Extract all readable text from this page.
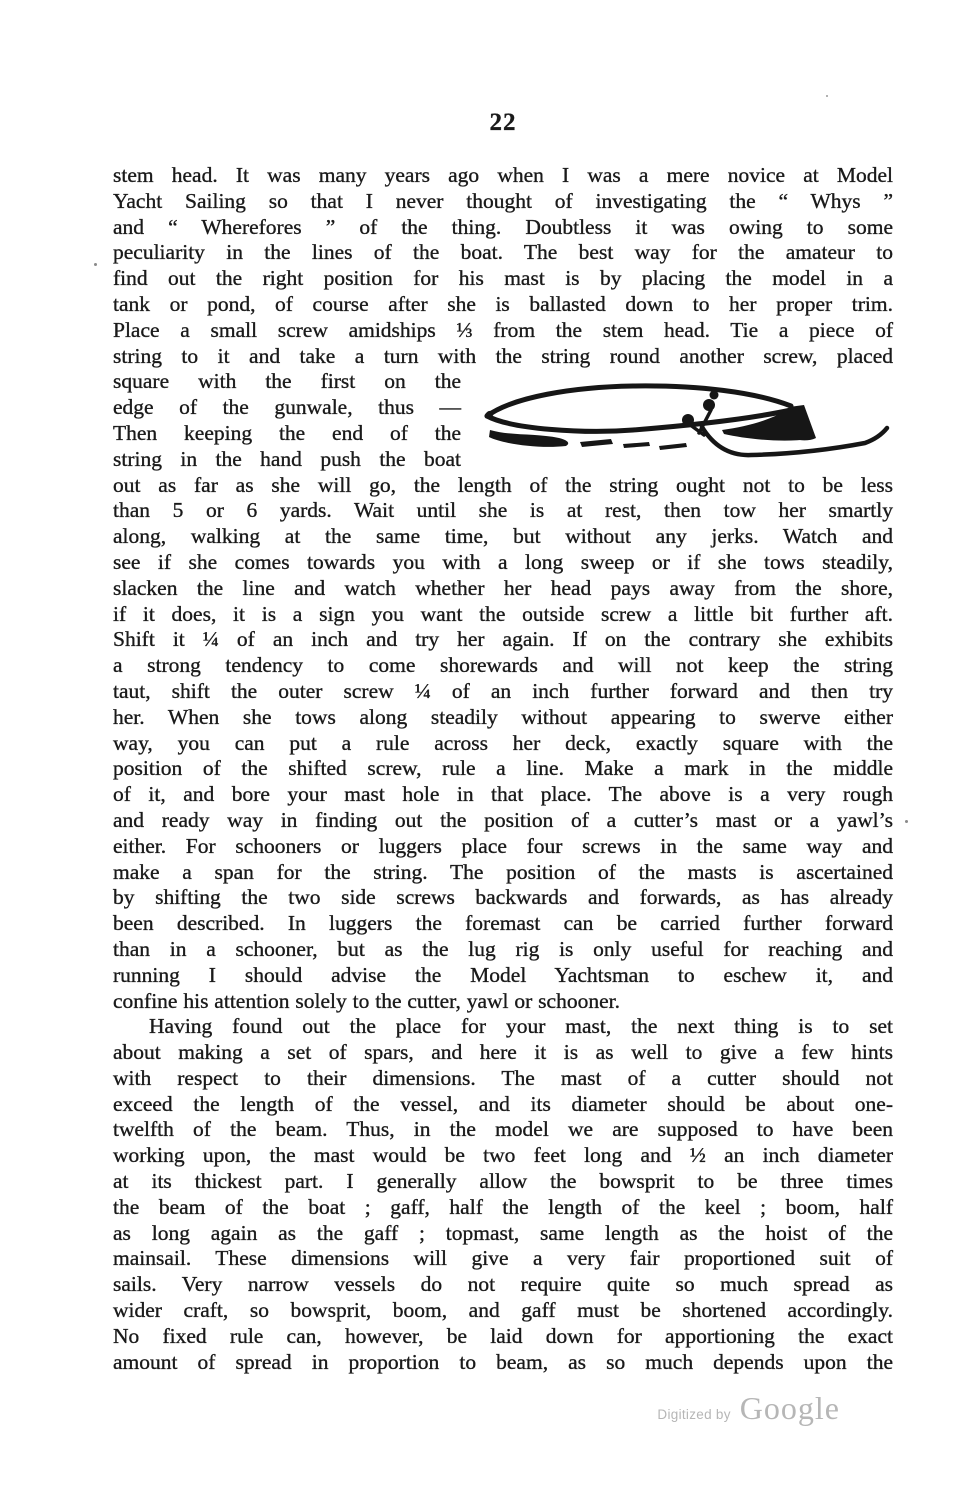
22
stem head. It was many years ago when I was a mere novice at Model
Yacht Sailing so that I never thought of investigating the “ Whys ”
and “ Wherefores ” of the thing. Doubtless it was owing to some
peculiarity in the lines of the boat. The best way for the amateur to
find out the right position for his mast is by placing the model in a
tank or pond, of course after she is ballasted down to her proper trim.
Place a small screw amidships ⅓ from the stem head. Tie a piece of
string to it and take a turn with the string round another screw, placed
square with the first on the
edge of the gunwale, thus —
Then keeping the end of the
string in the hand push the boat
out as far as she will go, the length of the string ought not to be less
than 5 or 6 yards. Wait until she is at rest, then tow her smartly
along, walking at the same time, but without any jerks. Watch and
see if she comes towards you with a long sweep or if she tows steadily,
slacken the line and watch whether her head pays away from the shore,
if it does, it is a sign you want the outside screw a little bit further aft.
Shift it ¼ of an inch and try her again. If on the contrary she exhibits
a strong tendency to come shorewards and will not keep the string
taut, shift the outer screw ¼ of an inch further forward and then try
her. When she tows along steadily without appearing to swerve either
way, you can put a rule across her deck, exactly square with the
position of the shifted screw, rule a line. Make a mark in the middle
of it, and bore your mast hole in that place. The above is a very rough
and ready way in finding out the position of a cutter’s mast or a yawl’s
either. For schooners or luggers place four screws in the same way and
make a span for the string. The position of the masts is ascertained
by shifting the two side screws backwards and forwards, as has already
been described. In luggers the foremast can be carried further forward
than in a schooner, but as the lug rig is only useful for reaching and
running I should advise the Model Yachtsman to eschew it, and
confine his attention solely to the cutter, yawl or schooner.
Having found out the place for your mast, the next thing is to set
about making a set of spars, and here it is as well to give a few hints
with respect to their dimensions. The mast of a cutter should not
exceed the length of the vessel, and its diameter should be about one-
twelfth of the beam. Thus, in the model we are supposed to have been
working upon, the mast would be two feet long and ½ an inch diameter
at its thickest part. I generally allow the bowsprit to be three times
the beam of the boat ; gaff, half the length of the keel ; boom, half
as long again as the gaff ; topmast, same length as the hoist of the
mainsail. These dimensions will give a very fair proportioned suit of
sails. Very narrow vessels do not require quite so much spread as
wider craft, so bowsprit, boom, and gaff must be shortened accordingly.
No fixed rule can, however, be laid down for apportioning the exact
amount of spread in proportion to beam, as so much depends upon the
Digitized by Google
